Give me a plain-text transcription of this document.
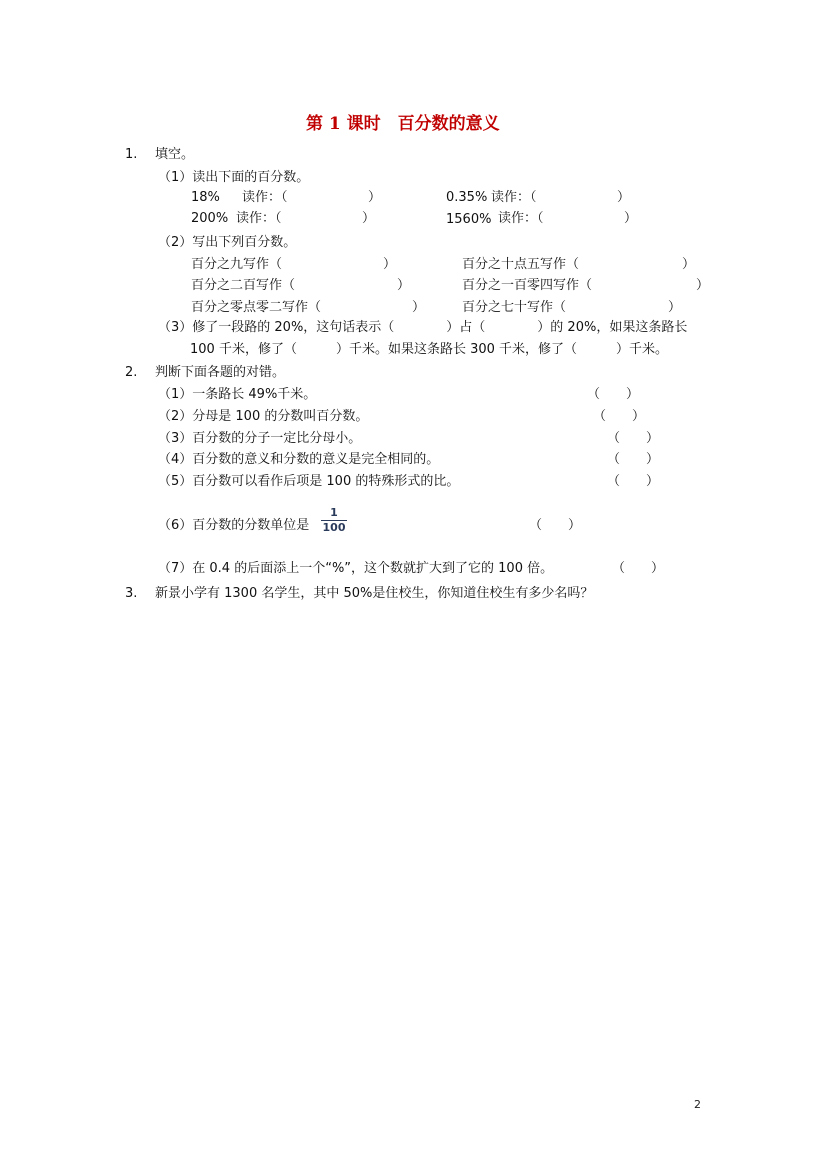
第 1 课时　百分数的意义
1. 填空。
（1）读出下面的百分数。
18% 读作：（	）	0.35% 读作：（	）
200% 读作：（	）	1560% 读作：（	）
（2）写出下列百分数。
百分之九写作（	）	百分之十点五写作（	）
百分之二百写作（	）	百分之一百零四写作（	）
百分之零点零二写作（	）	百分之七十写作（	）
（3）修了一段路的 20%，这句话表示（　　　　）占（　　　　）的 20%，如果这条路长
100 千米，修了（　　　）千米。如果这条路长 300 千米，修了（　　　）千米。
2. 判断下面各题的对错。
（1）一条路长 49%千米。	（　　）
（2）分母是 100 的分数叫百分数。	（　　）
（3）百分数的分子一定比分母小。	（　　）
（4）百分数的意义和分数的意义是完全相同的。	（　　）
（5）百分数可以看作后项是 100 的特殊形式的比。	（　　）
（6）百分数的分数单位是
1
100	（　　）
（7）在 0.4 的后面添上一个“%”，这个数就扩大到了它的 100 倍。	（　　）
3. 新景小学有 1300 名学生，其中 50%是住校生，你知道住校生有多少名吗？
2
